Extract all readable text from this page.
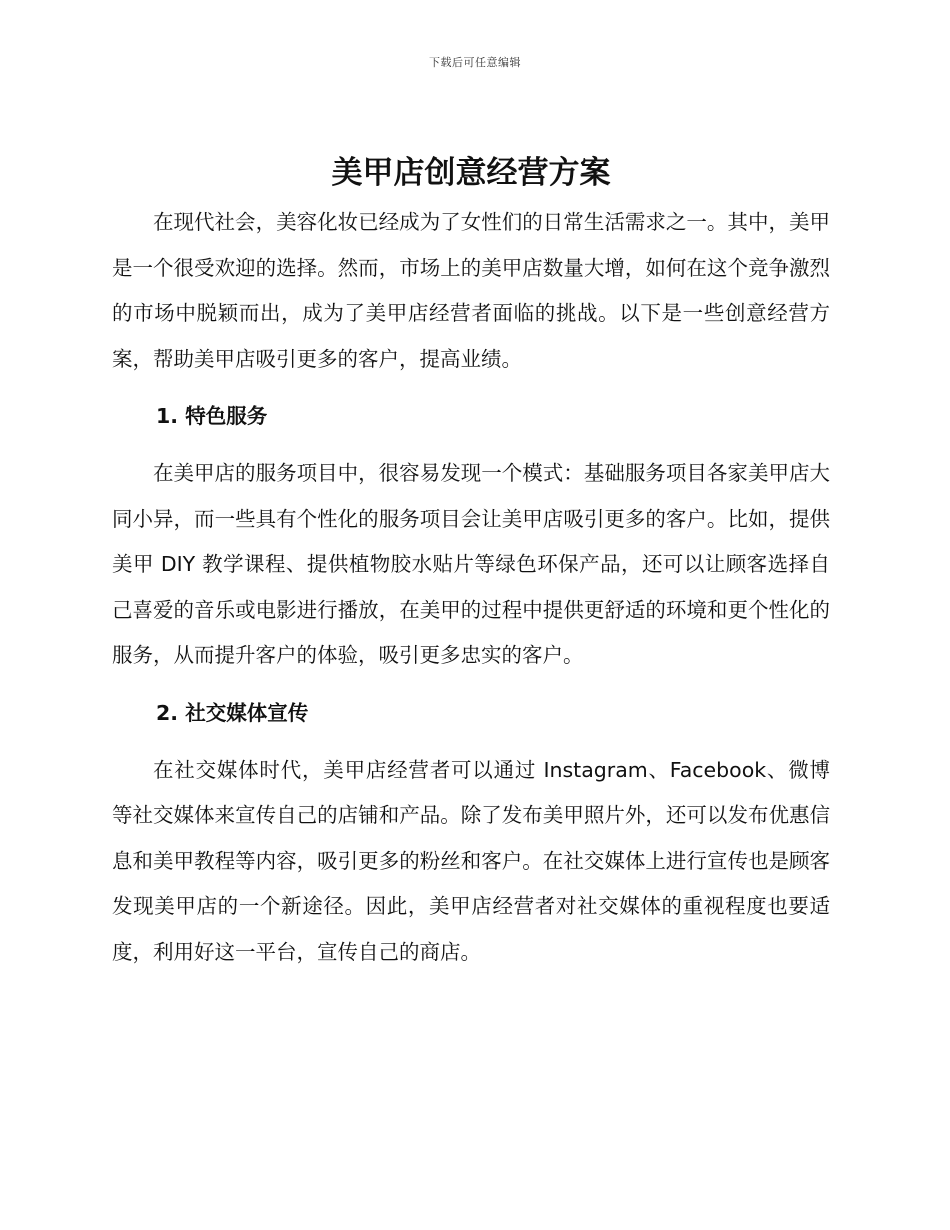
下载后可任意编辑
美甲店创意经营方案

在现代社会，美容化妆已经成为了女性们的日常生活需求之一。其中，美甲是一个很受欢迎的选择。然而，市场上的美甲店数量大增，如何在这个竞争激烈的市场中脱颖而出，成为了美甲店经营者面临的挑战。以下是一些创意经营方案，帮助美甲店吸引更多的客户，提高业绩。

1. 特色服务

在美甲店的服务项目中，很容易发现一个模式：基础服务项目各家美甲店大同小异，而一些具有个性化的服务项目会让美甲店吸引更多的客户。比如，提供美甲 DIY 教学课程、提供植物胶水贴片等绿色环保产品，还可以让顾客选择自己喜爱的音乐或电影进行播放，在美甲的过程中提供更舒适的环境和更个性化的服务，从而提升客户的体验，吸引更多忠实的客户。

2. 社交媒体宣传

在社交媒体时代，美甲店经营者可以通过 Instagram、Facebook、微博等社交媒体来宣传自己的店铺和产品。除了发布美甲照片外，还可以发布优惠信息和美甲教程等内容，吸引更多的粉丝和客户。在社交媒体上进行宣传也是顾客发现美甲店的一个新途径。因此，美甲店经营者对社交媒体的重视程度也要适度，利用好这一平台，宣传自己的商店。
